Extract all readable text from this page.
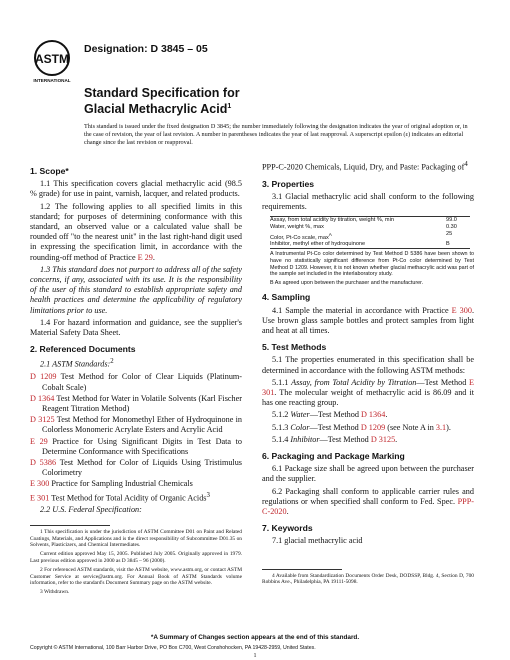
ASTM
INTERNATIONAL
Designation: D 3845 – 05
Standard Specification for
Glacial Methacrylic Acid$^1$
This standard is issued under the fixed designation D 3845; the number immediately following the designation indicates the year of original adoption or, in the case of revision, the year of last revision. A number in parentheses indicates the year of last reapproval. A superscript epsilon (ε) indicates an editorial change since the last revision or reapproval.
1. Scope*

1.1 This specification covers glacial methacrylic acid (98.5 % grade) for use in paint, varnish, lacquer, and related products.

1.2 The following applies to all specified limits in this standard; for purposes of determining conformance with this standard, an observed value or a calculated value shall be rounded off "to the nearest unit" in the last right-hand digit used in expressing the specification limit, in accordance with the rounding-off method of Practice E 29.

1.3 This standard does not purport to address all of the safety concerns, if any, associated with its use. It is the responsibility of the user of this standard to establish appropriate safety and health practices and determine the applicability of regulatory limitations prior to use.

1.4 For hazard information and guidance, see the supplier's Material Safety Data Sheet.

2. Referenced Documents

2.1 ASTM Standards:$^2$

D 1209 Test Method for Color of Clear Liquids (Platinum-Cobalt Scale)

D 1364 Test Method for Water in Volatile Solvents (Karl Fischer Reagent Titration Method)

D 3125 Test Method for Monomethyl Ether of Hydroquinone in Colorless Monomeric Acrylate Esters and Acrylic Acid

E 29 Practice for Using Significant Digits in Test Data to Determine Conformance with Specifications

D 5386 Test Method for Color of Liquids Using Tristimulus Colorimetry

E 300 Practice for Sampling Industrial Chemicals

E 301 Test Method for Total Acidity of Organic Acids$^3$

2.2 U.S. Federal Specification:

1 This specification is under the jurisdiction of ASTM Committee D01 on Paint and Related Coatings, Materials, and Applications and is the direct responsibility of Subcommittee D01.35 on Solvents, Plasticizers, and Chemical Intermediates.

Current edition approved May 15, 2005. Published July 2005. Originally approved in 1979. Last previous edition approved in 2000 as D 3845 – 96 (2000).

2 For referenced ASTM standards, visit the ASTM website, www.astm.org, or contact ASTM Customer Service at service@astm.org. For Annual Book of ASTM Standards volume information, refer to the standard's Document Summary page on the ASTM website.

3 Withdrawn.

PPP-C-2020 Chemicals, Liquid, Dry, and Paste: Packaging $of^4$

3. Properties

3.1 Glacial methacrylic acid shall conform to the following requirements.

Assay, from total acidity by titration, weight %, min	99.0
Water, weight %, max	0.30
Color, Pt-Co scale, $\max^A$	25
Inhibitor, methyl ether of hydroquinone	B

A Instrumental Pt-Co color determined by Test Method D 5386 have been shown to have no statistically significant difference from Pt-Co color determined by Test Method D 1209. However, it is not known whether glacial methacrylic acid was part of the sample set included in the interlaboratory study.

B As agreed upon between the purchaser and the manufacturer.

4. Sampling

4.1 Sample the material in accordance with Practice E 300. Use brown glass sample bottles and protect samples from light and heat at all times.

5. Test Methods

5.1 The properties enumerated in this specification shall be determined in accordance with the following ASTM methods:

5.1.1 Assay, from Total Acidity by Titration—Test Method E 301. The molecular weight of methacrylic acid is 86.09 and it has one reacting group.

5.1.2 Water—Test Method D 1364.

5.1.3 Color—Test Method D 1209 (see Note A in 3.1).

5.1.4 Inhibitor—Test Method D 3125.

6. Packaging and Package Marking

6.1 Package size shall be agreed upon between the purchaser and the supplier.

6.2 Packaging shall conform to applicable carrier rules and regulations or when specified shall conform to Fed. Spec. PPP-C-2020.

7. Keywords

7.1 glacial methacrylic acid

4 Available from Standardization Documents Order Desk, DODSSP, Bldg. 4, Section D, 700 Robbins Ave., Philadelphia, PA 19111-5098.

*A Summary of Changes section appears at the end of this standard.
Copyright © ASTM International, 100 Barr Harbor Drive, PO Box C700, West Conshohocken, PA 19428-2959, United States.
1
